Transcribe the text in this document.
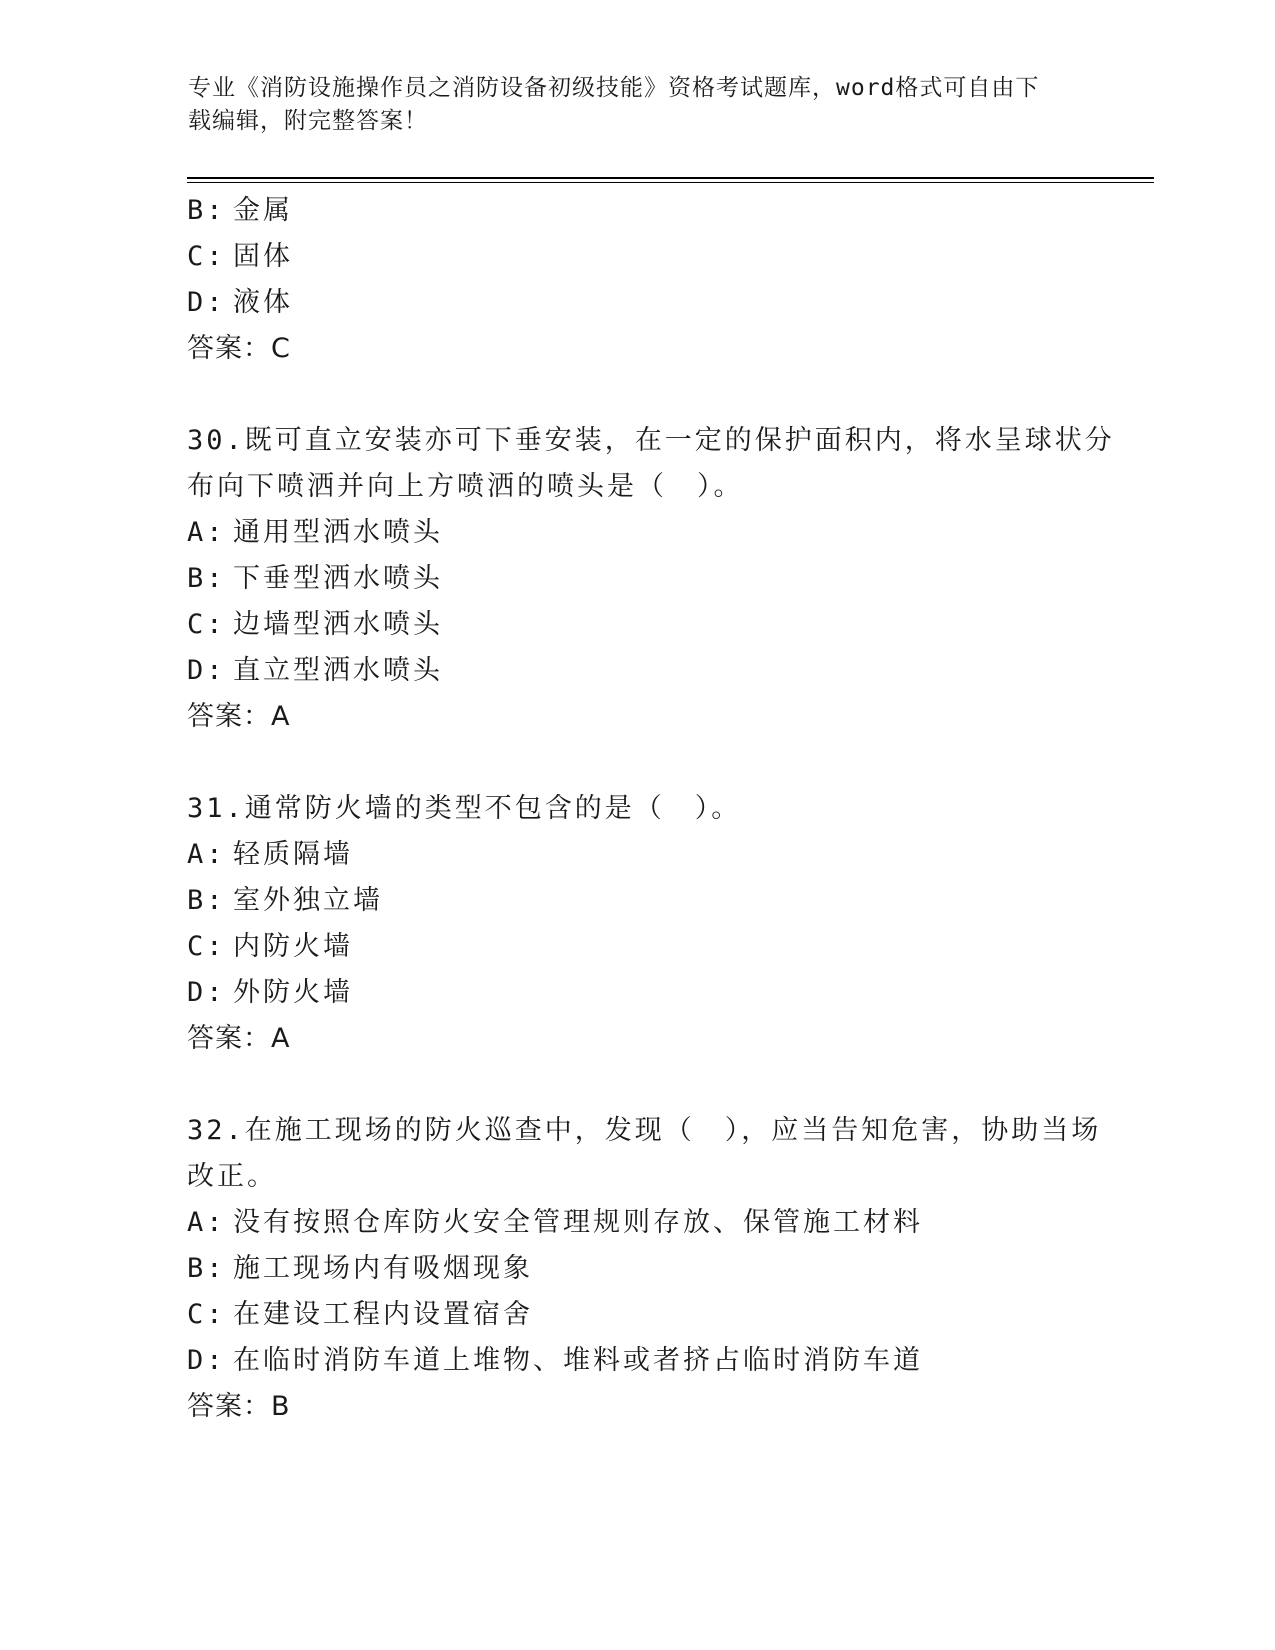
专业《消防设施操作员之消防设备初级技能》资格考试题库，word格式可自由下
载编辑，附完整答案！
B: 金属
C: 固体
D: 液体
答案：C
30.既可直立安装亦可下垂安装，在一定的保护面积内，将水呈球状分
布向下喷洒并向上方喷洒的喷头是（　）。
A: 通用型洒水喷头
B: 下垂型洒水喷头
C: 边墙型洒水喷头
D: 直立型洒水喷头
答案：A
31.通常防火墙的类型不包含的是（　）。
A: 轻质隔墙
B: 室外独立墙
C: 内防火墙
D: 外防火墙
答案：A
32.在施工现场的防火巡查中，发现（　），应当告知危害，协助当场
改正。
A: 没有按照仓库防火安全管理规则存放、保管施工材料
B: 施工现场内有吸烟现象
C: 在建设工程内设置宿舍
D: 在临时消防车道上堆物、堆料或者挤占临时消防车道
答案：B
